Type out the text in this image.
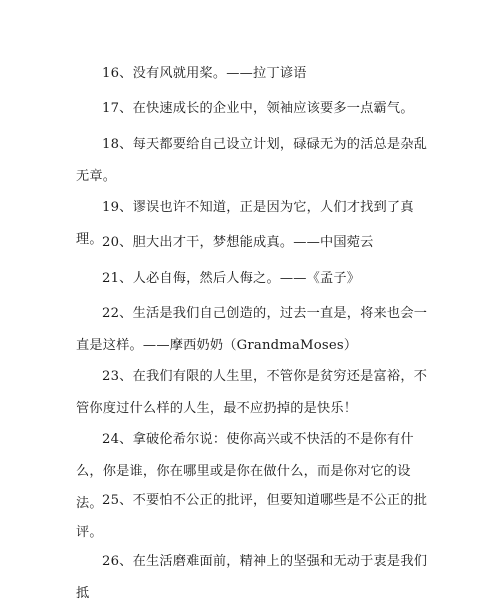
16、没有风就用桨。——拉丁谚语

17、在快速成长的企业中，领袖应该要多一点霸气。

18、每天都要给自己设立计划，碌碌无为的活总是杂乱无章。

19、谬误也许不知道，正是因为它，人们才找到了真理。 20、胆大出才干，梦想能成真。——中国菀云

21、人必自侮，然后人侮之。——《孟子》

22、生活是我们自己创造的，过去一直是，将来也会一直是这样。——摩西奶奶（GrandmaMoses）

23、在我们有限的人生里，不管你是贫穷还是富裕，不管你度过什么样的人生，最不应扔掉的是快乐！

24、拿破伦希尔说：使你高兴或不快活的不是你有什么，你是谁，你在哪里或是你在做什么，而是你对它的设法。 25、不要怕不公正的批评，但要知道哪些是不公正的批评。

26、在生活磨难面前，精神上的坚强和无动于衷是我们抵
